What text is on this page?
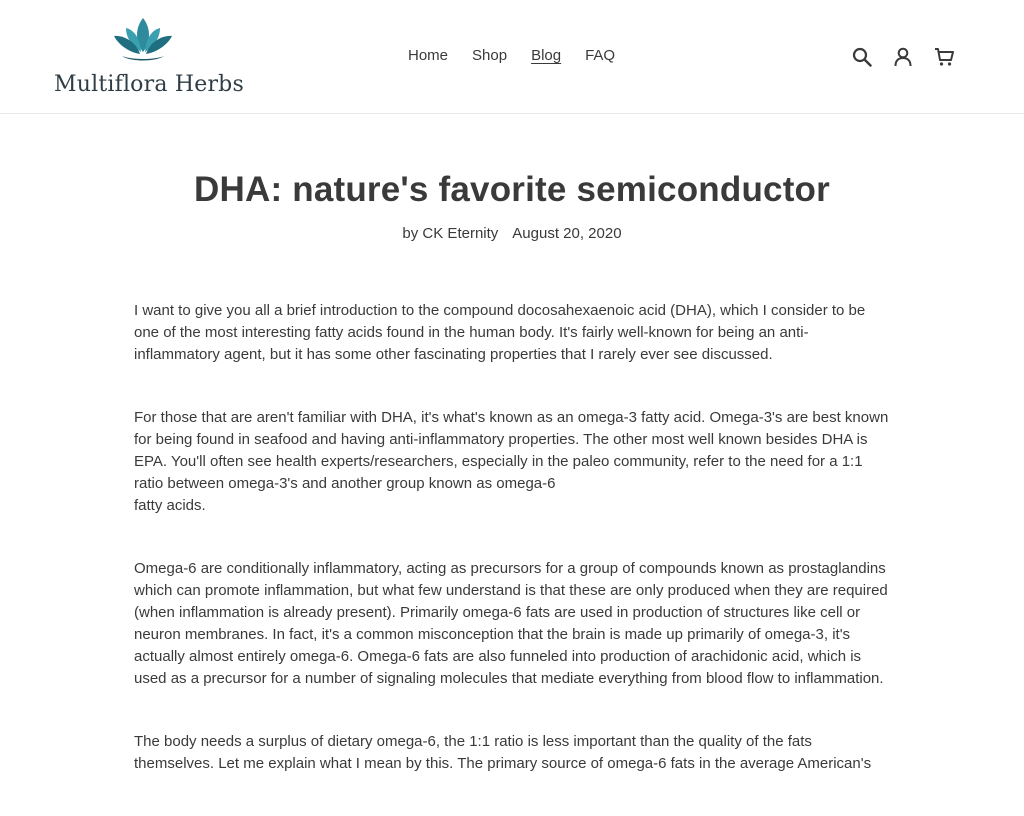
Multiflora Herbs
Home	Shop	Blog	FAQ
DHA: nature's favorite semiconductor
by CK Eternity August 20, 2020

I want to give you all a brief introduction to the compound docosahexaenoic acid (DHA), which I consider to be one of the most interesting fatty acids found in the human body. It's fairly well-known for being an anti-inflammatory agent, but it has some other fascinating properties that I rarely ever see discussed.

For those that are aren't familiar with DHA, it's what's known as an omega-3 fatty acid. Omega-3's are best known for being found in seafood and having anti-inflammatory properties. The other most well known besides DHA is EPA. You'll often see health experts/researchers, especially in the paleo community, refer to the need for a 1:1 ratio between omega-3's and another group known as omega-6
fatty acids.

Omega-6 are conditionally inflammatory, acting as precursors for a group of compounds known as prostaglandins which can promote inflammation, but what few understand is that these are only produced when they are required (when inflammation is already present). Primarily omega-6 fats are used in production of structures like cell or neuron membranes. In fact, it's a common misconception that the brain is made up primarily of omega-3, it's actually almost entirely omega-6. Omega-6 fats are also funneled into production of arachidonic acid, which is used as a precursor for a number of signaling molecules that mediate everything from blood flow to inflammation.

The body needs a surplus of dietary omega-6, the 1:1 ratio is less important than the quality of the fats themselves. Let me explain what I mean by this. The primary source of omega-6 fats in the average American's
